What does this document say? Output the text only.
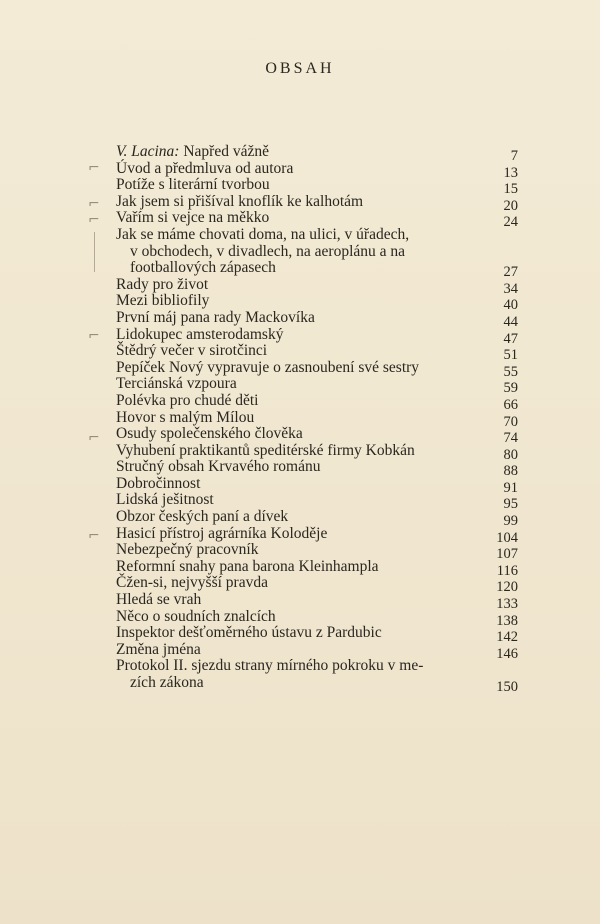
OBSAH
⌐
⌐
⌐
⌐
⌐
⌐
V. Lacina: Napřed vážně	7
Úvod a předmluva od autora	13
Potíže s literární tvorbou	15
Jak jsem si přišíval knoflík ke kalhotám	20
Vařím si vejce na měkko	24
Jak se máme chovati doma, na ulici, v úřadech,
v obchodech, v divadlech, na aeroplánu a na
footballových zápasech	27
Rady pro život	34
Mezi bibliofily	40
První máj pana rady Mackovíka	44
Lidokupec amsterodamský	47
Štědrý večer v sirotčinci	51
Pepíček Nový vypravuje o zasnoubení své sestry	55
Terciánská vzpoura	59
Polévka pro chudé děti	66
Hovor s malým Mílou	70
Osudy společenského člověka	74
Vyhubení praktikantů speditérské firmy Kobkán	80
Stručný obsah Krvavého románu	88
Dobročinnost	91
Lidská ješitnost	95
Obzor českých paní a dívek	99
Hasicí přístroj agrárníka Koloděje	104
Nebezpečný pracovník	107
Reformní snahy pana barona Kleinhampla	116
Čžen-si, nejvyšší pravda	120
Hledá se vrah	133
Něco o soudních znalcích	138
Inspektor dešťoměrného ústavu z Pardubic	142
Změna jména	146
Protokol II. sjezdu strany mírného pokroku v me-
zích zákona	150
